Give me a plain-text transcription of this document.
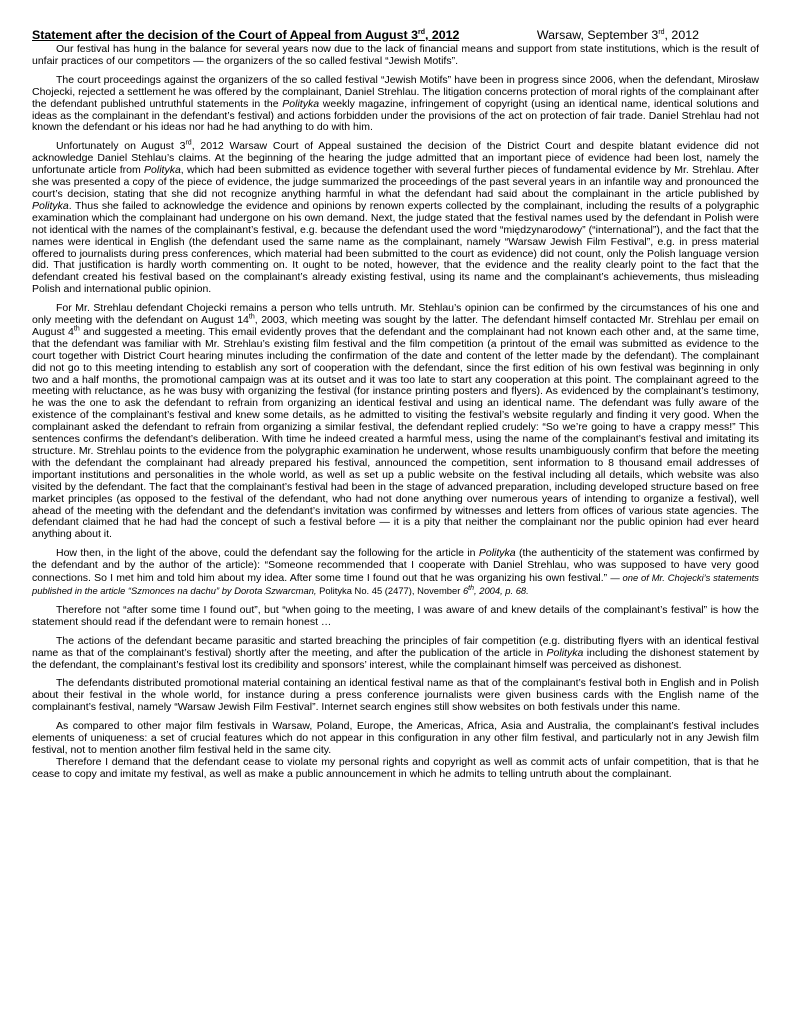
Statement after the decision of the Court of Appeal from August 3rd, 2012	Warsaw, September 3rd, 2012

Our festival has hung in the balance for several years now due to the lack of financial means and support from state institutions, which is the result of unfair practices of our competitors — the organizers of the so called festival “Jewish Motifs”.

The court proceedings against the organizers of the so called festival “Jewish Motifs” have been in progress since 2006, when the defendant, Mirosław Chojecki, rejected a settlement he was offered by the complainant, Daniel Strehlau. The litigation concerns protection of moral rights of the complainant after the defendant published untruthful statements in the Polityka weekly magazine, infringement of copyright (using an identical name, identical solutions and ideas as the complainant in the defendant’s festival) and actions forbidden under the provisions of the act on protection of fair trade. Daniel Strehlau had not known the defendant or his ideas nor had he had anything to do with him.

Unfortunately on August 3rd, 2012 Warsaw Court of Appeal sustained the decision of the District Court and despite blatant evidence did not acknowledge Daniel Stehlau’s claims. At the beginning of the hearing the judge admitted that an important piece of evidence had been lost, namely the unfortunate article from Polityka, which had been submitted as evidence together with several further pieces of fundamental evidence by Mr. Strehlau. After she was presented a copy of the piece of evidence, the judge summarized the proceedings of the past several years in an infantile way and pronounced the court’s decision, stating that she did not recognize anything harmful in what the defendant had said about the complainant in the article published by Polityka. Thus she failed to acknowledge the evidence and opinions by renown experts collected by the complainant, including the results of a polygraphic examination which the complainant had undergone on his own demand. Next, the judge stated that the festival names used by the defendant in Polish were not identical with the names of the complainant’s festival, e.g. because the defendant used the word “międzynarodowy” (“international”), and the fact that the names were identical in English (the defendant used the same name as the complainant, namely “Warsaw Jewish Film Festival”, e.g. in press material offered to journalists during press conferences, which material had been submitted to the court as evidence) did not count, only the Polish language version did. That justification is hardly worth commenting on. It ought to be noted, however, that the evidence and the reality clearly point to the fact that the defendant created his festival based on the complainant’s already existing festival, using its name and the complainant’s achievements, thus misleading Polish and international public opinion.

For Mr. Strehlau defendant Chojecki remains a person who tells untruth. Mr. Stehlau’s opinion can be confirmed by the circumstances of his one and only meeting with the defendant on August 14th, 2003, which meeting was sought by the latter. The defendant himself contacted Mr. Strehlau per email on August 4th and suggested a meeting. This email evidently proves that the defendant and the complainant had not known each other and, at the same time, that the defendant was familiar with Mr. Strehlau’s existing film festival and the film competition (a printout of the email was submitted as evidence to the court together with District Court hearing minutes including the confirmation of the date and content of the letter made by the defendant). The complainant did not go to this meeting intending to establish any sort of cooperation with the defendant, since the first edition of his own festival was beginning in only two and a half months, the promotional campaign was at its outset and it was too late to start any cooperation at this point. The complainant agreed to the meeting with reluctance, as he was busy with organizing the festival (for instance printing posters and flyers). As evidenced by the complainant’s testimony, he was the one to ask the defendant to refrain from organizing an identical festival and using an identical name. The defendant was fully aware of the existence of the complainant’s festival and knew some details, as he admitted to visiting the festival’s website regularly and finding it very good. When the complainant asked the defendant to refrain from organizing a similar festival, the defendant replied crudely: “So we’re going to have a crappy mess!” This sentences confirms the defendant’s deliberation. With time he indeed created a harmful mess, using the name of the complainant’s festival and imitating its structure. Mr. Strehlau points to the evidence from the polygraphic examination he underwent, whose results unambiguously confirm that before the meeting with the defendant the complainant had already prepared his festival, announced the competition, sent information to 8 thousand email addresses of important institutions and personalities in the whole world, as well as set up a public website on the festival including all details, which website was also visited by the defendant. The fact that the complainant’s festival had been in the stage of advanced preparation, including developed structure based on free market principles (as opposed to the festival of the defendant, who had not done anything over numerous years of intending to organize a festival), well ahead of the meeting with the defendant and the defendant’s invitation was confirmed by witnesses and letters from offices of various state agencies. The defendant claimed that he had had the concept of such a festival before — it is a pity that neither the complainant nor the public opinion had ever heard anything about it.

How then, in the light of the above, could the defendant say the following for the article in Polityka (the authenticity of the statement was confirmed by the defendant and by the author of the article): “Someone recommended that I cooperate with Daniel Strehlau, who was supposed to have very good connections. So I met him and told him about my idea. After some time I found out that he was organizing his own festival.” — one of Mr. Chojecki’s statements published in the article “Szmonces na dachu” by Dorota Szwarcman, Polityka No. 45 (2477), November 6th, 2004, p. 68.

Therefore not “after some time I found out”, but “when going to the meeting, I was aware of and knew details of the complainant’s festival” is how the statement should read if the defendant were to remain honest …

The actions of the defendant became parasitic and started breaching the principles of fair competition (e.g. distributing flyers with an identical festival name as that of the complainant’s festival) shortly after the meeting, and after the publication of the article in Polityka including the dishonest statement by the defendant, the complainant’s festival lost its credibility and sponsors’ interest, while the complainant himself was perceived as dishonest.

The defendants distributed promotional material containing an identical festival name as that of the complainant’s festival both in English and in Polish about their festival in the whole world, for instance during a press conference journalists were given business cards with the English name of the complainant’s festival, namely “Warsaw Jewish Film Festival”. Internet search engines still show websites on both festivals under this name.

As compared to other major film festivals in Warsaw, Poland, Europe, the Americas, Africa, Asia and Australia, the complainant’s festival includes elements of uniqueness: a set of crucial features which do not appear in this configuration in any other film festival, and particularly not in any Jewish film festival, not to mention another film festival held in the same city.

Therefore I demand that the defendant cease to violate my personal rights and copyright as well as commit acts of unfair competition, that is that he cease to copy and imitate my festival, as well as make a public announcement in which he admits to telling untruth about the complainant.
